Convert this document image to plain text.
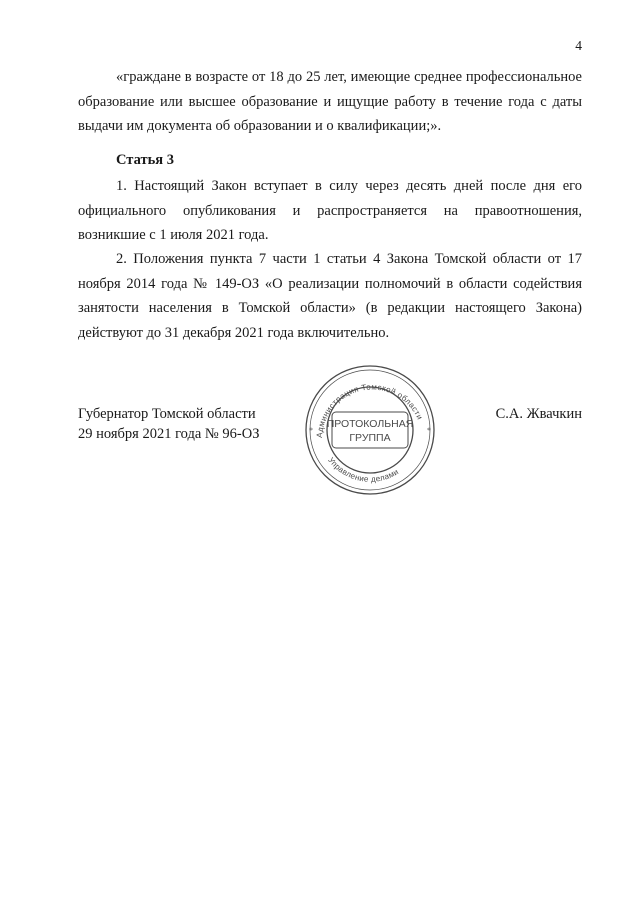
4

«граждане в возрасте от 18 до 25 лет, имеющие среднее профессиональное образование или высшее образование и ищущие работу в течение года с даты выдачи им документа об образовании и о квалификации;».

Статья 3

1. Настоящий Закон вступает в силу через десять дней после дня его официального опубликования и распространяется на правоотношения, возникшие с 1 июля 2021 года.

2. Положения пункта 7 части 1 статьи 4 Закона Томской области от 17 ноября 2014 года № 149-ОЗ «О реализации полномочий в области содействия занятости населения в Томской области» (в редакции настоящего Закона) действуют до 31 декабря 2021 года включительно.

Губернатор Томской области
29 ноября 2021 года № 96-ОЗ
С.А. Жвачкин
Администрация Томской области
Управление делами
ПРОТОКОЛЬНАЯ
ГРУППА
*	*
